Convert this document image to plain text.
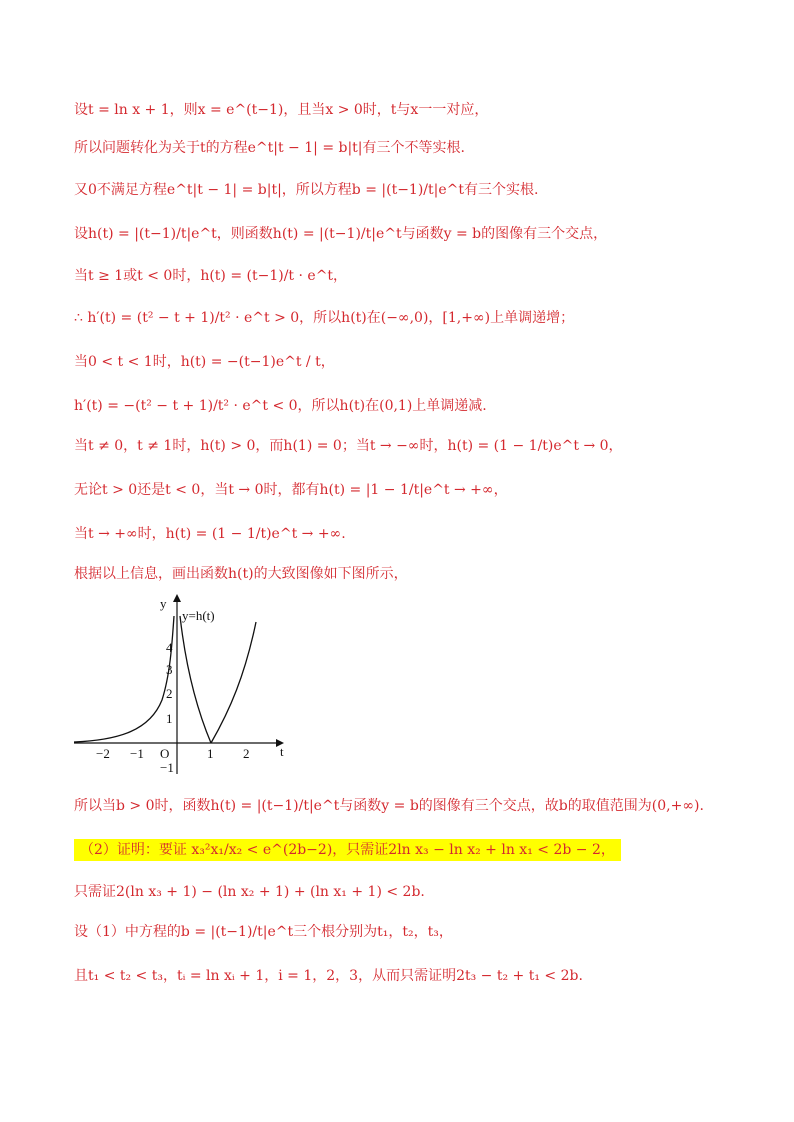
设t = ln x + 1，则x = e^(t−1)，且当x > 0时，t与x一一对应，
所以问题转化为关于t的方程e^t|t − 1| = b|t|有三个不等实根.
又0不满足方程e^t|t − 1| = b|t|，所以方程b = |(t−1)/t|e^t有三个实根.
设h(t) = |(t−1)/t|e^t，则函数h(t) = |(t−1)/t|e^t与函数y = b的图像有三个交点，
当t ≥ 1或t < 0时，h(t) = (t−1)/t · e^t，
∴ h′(t) = (t² − t + 1)/t² · e^t > 0，所以h(t)在(−∞,0)，[1,+∞)上单调递增；
当0 < t < 1时，h(t) = −(t−1)e^t / t，
h′(t) = −(t² − t + 1)/t² · e^t < 0，所以h(t)在(0,1)上单调递减.
当t ≠ 0，t ≠ 1时，h(t) > 0，而h(1) = 0；当t → −∞时，h(t) = (1 − 1/t)e^t → 0，
无论t > 0还是t < 0，当t → 0时，都有h(t) = |1 − 1/t|e^t → +∞，
当t → +∞时，h(t) = (1 − 1/t)e^t → +∞.
根据以上信息，画出函数h(t)的大致图像如下图所示，
y=h(t)
t
y
O
−2 −1	1 2
4
3
2
1
−1
所以当b > 0时，函数h(t) = |(t−1)/t|e^t与函数y = b的图像有三个交点，故b的取值范围为(0,+∞).
（2）证明：要证 x₃²x₁/x₂ < e^(2b−2)，只需证2ln x₃ − ln x₂ + ln x₁ < 2b − 2，
只需证2(ln x₃ + 1) − (ln x₂ + 1) + (ln x₁ + 1) < 2b.
设（1）中方程的b = |(t−1)/t|e^t三个根分别为t₁，t₂，t₃，
且t₁ < t₂ < t₃，tᵢ = ln xᵢ + 1，i = 1，2，3，从而只需证明2t₃ − t₂ + t₁ < 2b.
